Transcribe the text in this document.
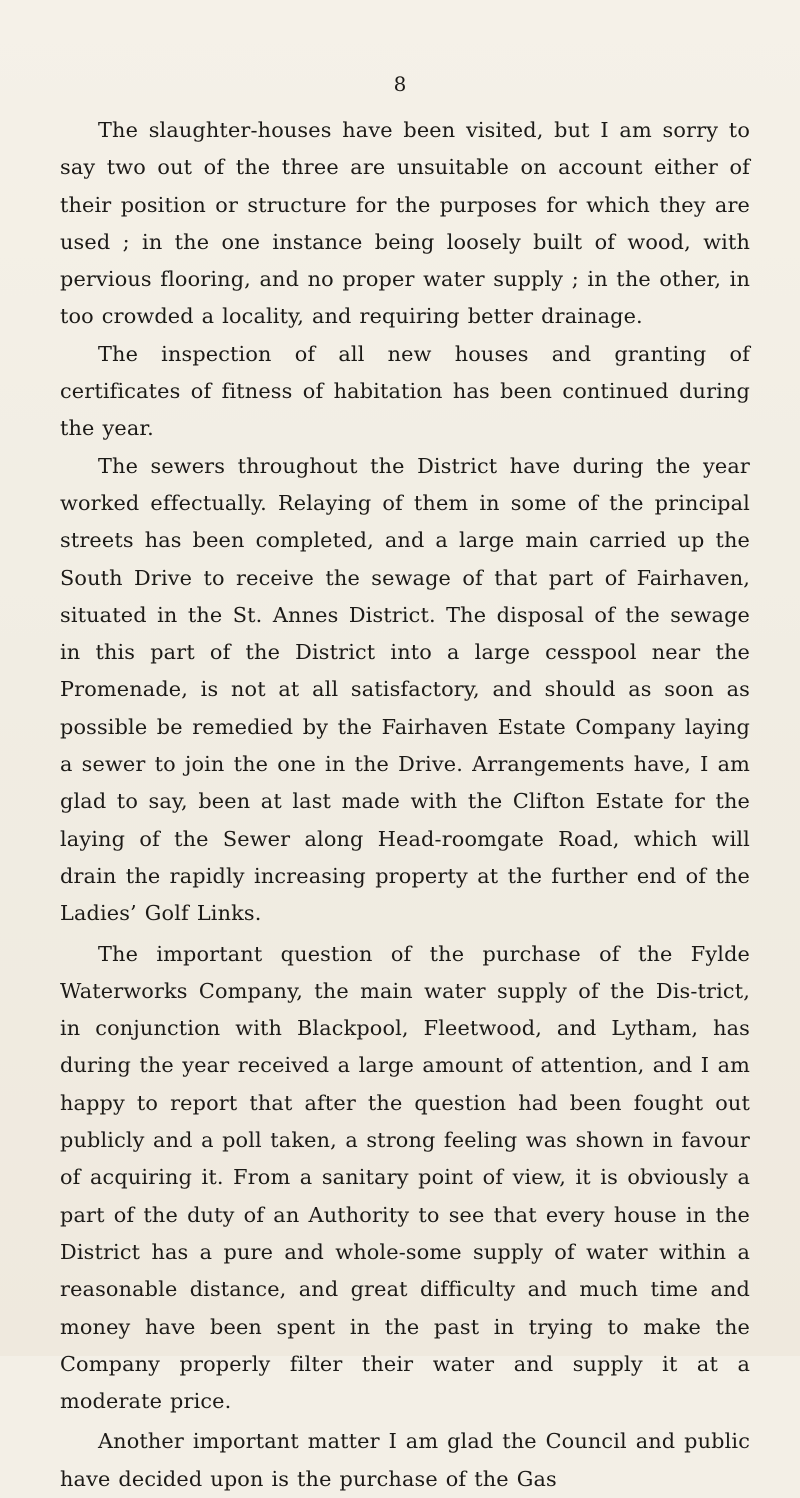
8

The slaughter-houses have been visited, but I am sorry to say two out of the three are unsuitable on account either of their position or structure for the purposes for which they are used ; in the one instance being loosely built of wood, with pervious flooring, and no proper water supply ; in the other, in too crowded a locality, and requiring better drainage.

The inspection of all new houses and granting of certificates of fitness of habitation has been continued during the year.

The sewers throughout the District have during the year worked effectually. Relaying of them in some of the principal streets has been completed, and a large main carried up the South Drive to receive the sewage of that part of Fairhaven, situated in the St. Annes District. The disposal of the sewage in this part of the District into a large cesspool near the Promenade, is not at all satisfactory, and should as soon as possible be remedied by the Fairhaven Estate Company laying a sewer to join the one in the Drive. Arrangements have, I am glad to say, been at last made with the Clifton Estate for the laying of the Sewer along Head-roomgate Road, which will drain the rapidly increasing property at the further end of the Ladies’ Golf Links.

The important question of the purchase of the Fylde Waterworks Company, the main water supply of the Dis-trict, in conjunction with Blackpool, Fleetwood, and Lytham, has during the year received a large amount of attention, and I am happy to report that after the question had been fought out publicly and a poll taken, a strong feeling was shown in favour of acquiring it. From a sanitary point of view, it is obviously a part of the duty of an Authority to see that every house in the District has a pure and whole-some supply of water within a reasonable distance, and great difficulty and much time and money have been spent in the past in trying to make the Company properly filter their water and supply it at a moderate price.

Another important matter I am glad the Council and public have decided upon is the purchase of the Gas
